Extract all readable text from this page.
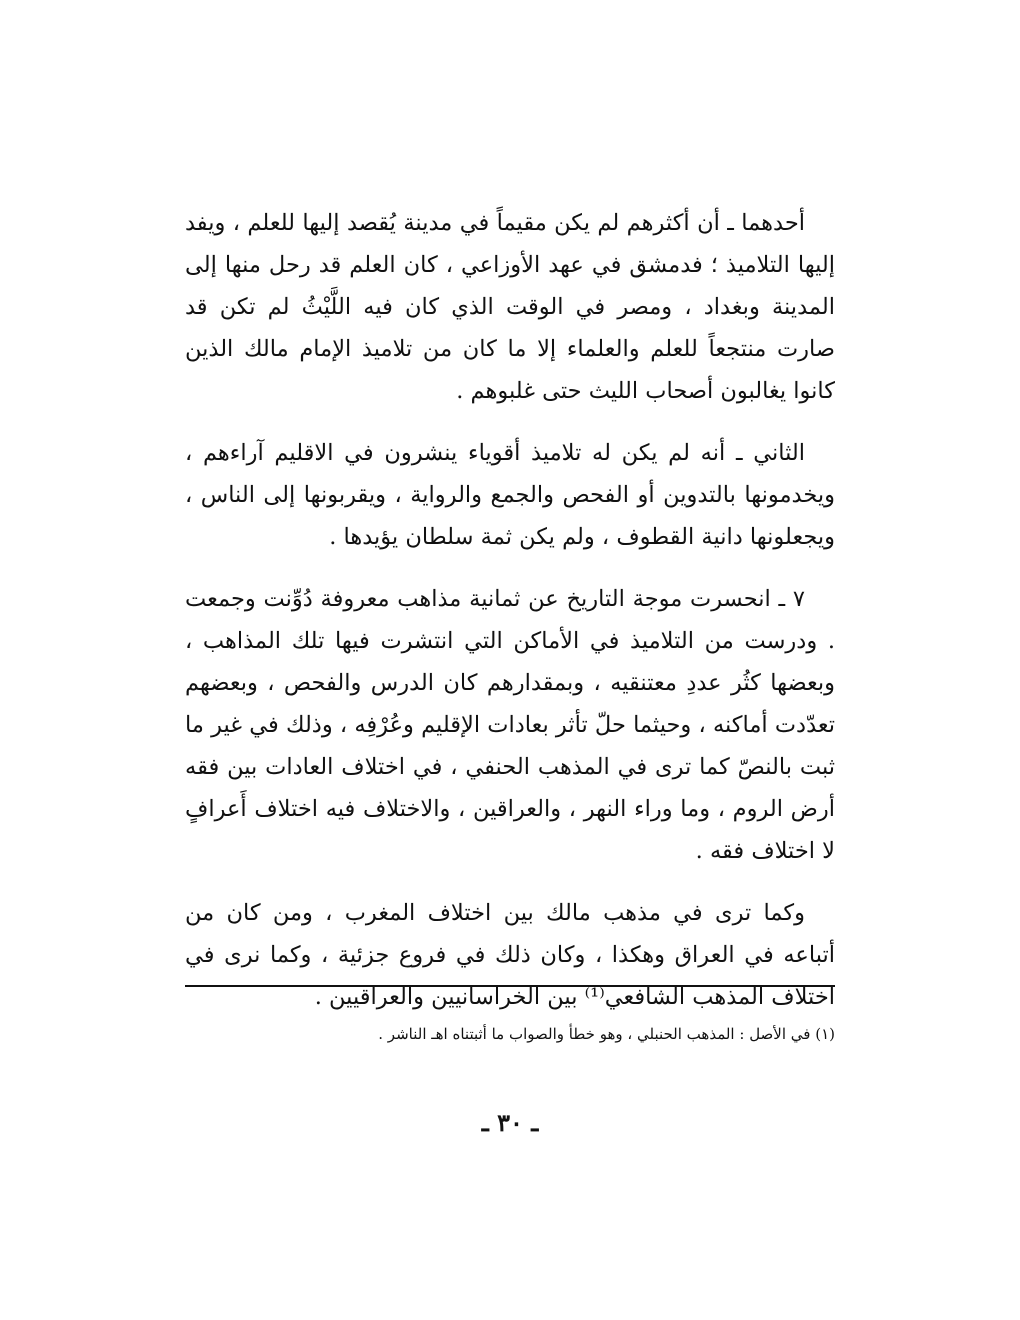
أحدهما ـ أن أكثرهم لم يكن مقيماً في مدينة يُقصد إليها للعلم ، ويفد إليها التلاميذ ؛ فدمشق في عهد الأوزاعي ، كان العلم قد رحل منها إلى المدينة وبغداد ، ومصر في الوقت الذي كان فيه اللَّيْثُ لم تكن قد صارت منتجعاً للعلم والعلماء إلا ما كان من تلاميذ الإمام مالك الذين كانوا يغالبون أصحاب الليث حتى غلبوهم .

الثاني ـ أنه لم يكن له تلاميذ أقوياء ينشرون في الاقليم آراءهم ، ويخدمونها بالتدوين أو الفحص والجمع والرواية ، ويقربونها إلى الناس ، ويجعلونها دانية القطوف ، ولم يكن ثمة سلطان يؤيدها .

٧ ـ انحسرت موجة التاريخ عن ثمانية مذاهب معروفة دُوِّنت وجمعت . ودرست من التلاميذ في الأماكن التي انتشرت فيها تلك المذاهب ، وبعضها كثُر عددِ معتنقيه ، وبمقدارهم كان الدرس والفحص ، وبعضهم تعدّدت أماكنه ، وحيثما حلّ تأثر بعادات الإقليم وعُرْفِه ، وذلك في غير ما ثبت بالنصّ كما ترى في المذهب الحنفي ، في اختلاف العادات بين فقه أرض الروم ، وما وراء النهر ، والعراقين ، والاختلاف فيه اختلاف أَعرافٍ لا اختلاف فقه .

وكما ترى في مذهب مالك بين اختلاف المغرب ، ومن كان من أتباعه في العراق وهكذا ، وكان ذلك في فروع جزئية ، وكما نرى في اختلاف المذهب الشافعي⁽¹⁾ بين الخراسانيين والعراقيين .

(١) في الأصل : المذهب الحنبلي ، وهو خطأ والصواب ما أثبتناه اهـ الناشر .
ـ ٣٠ ـ
